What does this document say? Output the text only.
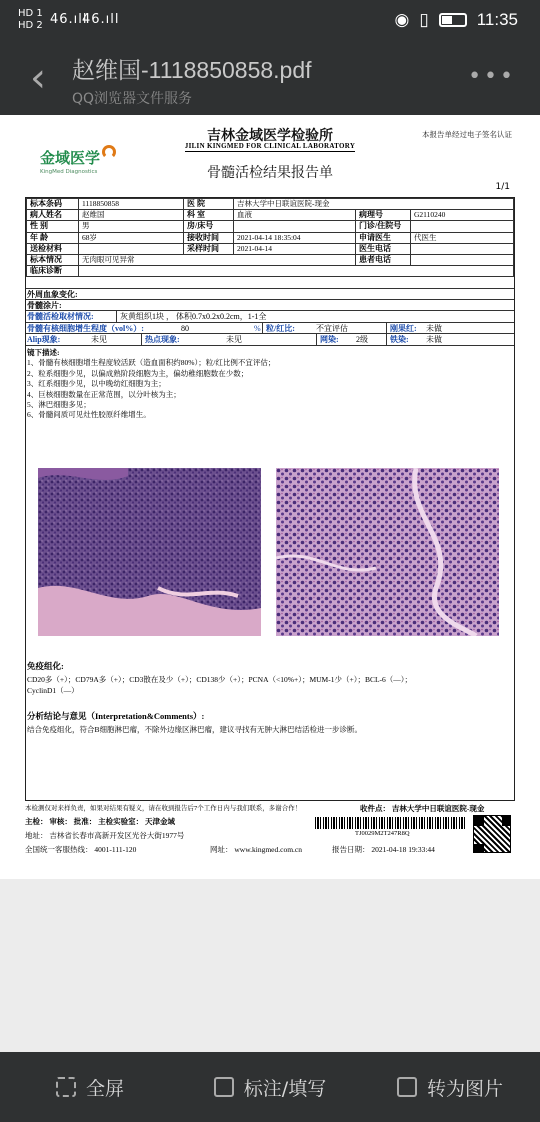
HD 1
HD 2 46.ıll
46.ıll	◉ ▯	11:35
‹	赵维国-1118850858.pdf
QQ浏览器文件服务
•••
吉林金域医学检验所
JILIN KINGMED FOR CLINICAL LABORATORY
本报告单经过电子签名认证
金域医学
KingMed Diagnostics	骨髓活检结果报告单
1/1
标本条码	1118850858	医 院	吉林大学中日联谊医院-现金		
病人姓名	赵维国	科 室	血液	病理号	G2110240
性 别	男	房/床号		门诊/住院号	
年 龄	68岁	接收时间	2021-04-14 18:35:04	申请医生	代医生
送检材料		采样时间	2021-04-14	医生电话	
标本情况	无肉眼可见异常			患者电话	
临床诊断					
外周血象变化:
骨髓涂片:
骨髓活检取材情况:	灰黄组织1块 ， 体积0.7x0.2x0.2cm，1-1全
骨髓有核细胞增生程度（vol%）:	80	% 粒/红比:	不宜评估	刚果红: 未做
Alip现象:	未见	热点现象:	未见	网染: 2级	铁染: 未做
镜下描述:
1、骨髓有核细胞增生程度较活跃（造血面积约80%）；粒/红比例不宜评估；
2、粒系细胞少见，以偏成熟阶段细胞为主，偏幼稚细胞数在少数；
3、红系细胞少见，以中晚幼红细胞为主；
4、巨核细胞数量在正常范围，以分叶核为主；
5、淋巴细胞多见；
6、骨髓间质可见灶性胶原纤维增生。
免疫组化:

CD20多（+）；CD79A多（+）；CD3散在及少（+）；CD138少（+）；PCNA（<10%+）；MUM-1少（+）；BCL-6（—）；

CyclinD1（—）

分析结论与意见（Interpretation&Comments）:

结合免疫组化，符合B细胞淋巴瘤，不除外边缘区淋巴瘤，建议寻找有无肿大淋巴结活检进一步诊断。

本检测仅对来样负责，如果对结果有疑义，请在收到报告后7个工作日内与我们联系，多谢合作！	收件点： 吉林大学中日联谊医院-现金
主检： 审核： 批准： 主检实验室： 天津金域
TJ0029M2T247R8Q
地址： 吉林省长春市高新开发区光谷大街1977号
全国统一客服热线： 4001-111-120	网址： www.kingmed.com.cn	报告日期： 2021-04-18 19:33:44
全屏	标注/填写	转为图片
